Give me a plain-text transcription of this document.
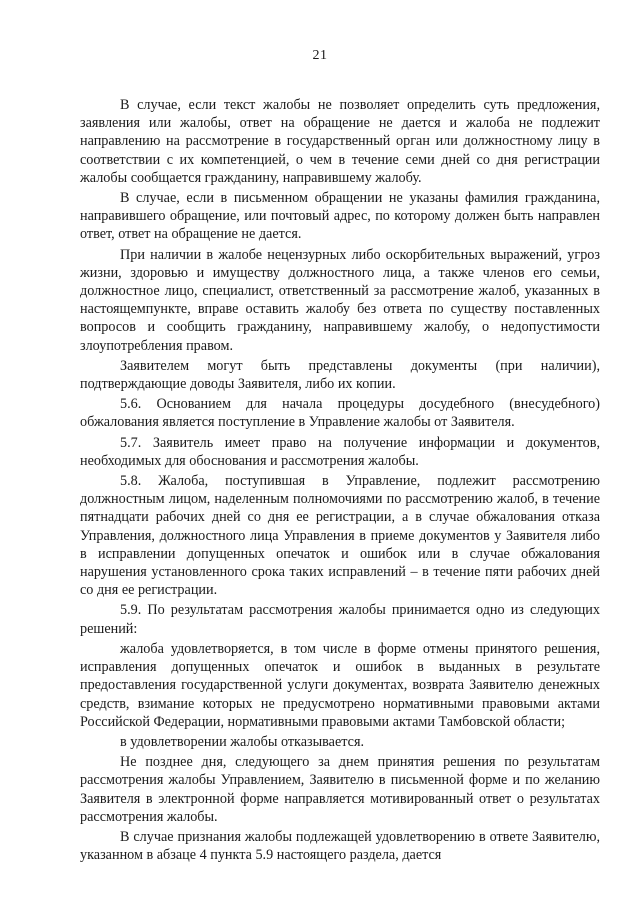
21

В случае, если текст жалобы не позволяет определить суть предложения, заявления или жалобы, ответ на обращение не дается и жалоба не подлежит направлению на рассмотрение в государственный орган или должностному лицу в соответствии с их компетенцией, о чем в течение семи дней со дня регистрации жалобы сообщается гражданину, направившему жалобу.

В случае, если в письменном обращении не указаны фамилия гражданина, направившего обращение, или почтовый адрес, по которому должен быть направлен ответ, ответ на обращение не дается.

При наличии в жалобе нецензурных либо оскорбительных выражений, угроз жизни, здоровью и имуществу должностного лица, а также членов его семьи, должностное лицо, специалист, ответственный за рассмотрение жалоб, указанных в настоящемпункте, вправе оставить жалобу без ответа по существу поставленных вопросов и сообщить гражданину, направившему жалобу, о недопустимости злоупотребления правом.

Заявителем могут быть представлены документы (при наличии), подтверждающие доводы Заявителя, либо их копии.

5.6. Основанием для начала процедуры досудебного (внесудебного) обжалования является поступление в Управление жалобы от Заявителя.

5.7. Заявитель имеет право на получение информации и документов, необходимых для обоснования и рассмотрения жалобы.

5.8. Жалоба, поступившая в Управление, подлежит рассмотрению должностным лицом, наделенным полномочиями по рассмотрению жалоб, в течение пятнадцати рабочих дней со дня ее регистрации, а в случае обжалования отказа Управления, должностного лица Управления в приеме документов у Заявителя либо в исправлении допущенных опечаток и ошибок или в случае обжалования нарушения установленного срока таких исправлений – в течение пяти рабочих дней со дня ее регистрации.

5.9. По результатам рассмотрения жалобы принимается одно из следующих решений:

жалоба удовлетворяется, в том числе в форме отмены принятого решения, исправления допущенных опечаток и ошибок в выданных в результате предоставления государственной услуги документах, возврата Заявителю денежных средств, взимание которых не предусмотрено нормативными правовыми актами Российской Федерации, нормативными правовыми актами Тамбовской области;

в удовлетворении жалобы отказывается.

Не позднее дня, следующего за днем принятия решения по результатам рассмотрения жалобы Управлением, Заявителю в письменной форме и по желанию Заявителя в электронной форме направляется мотивированный ответ о результатах рассмотрения жалобы.

В случае признания жалобы подлежащей удовлетворению в ответе Заявителю, указанном в абзаце 4 пункта 5.9 настоящего раздела, дается
